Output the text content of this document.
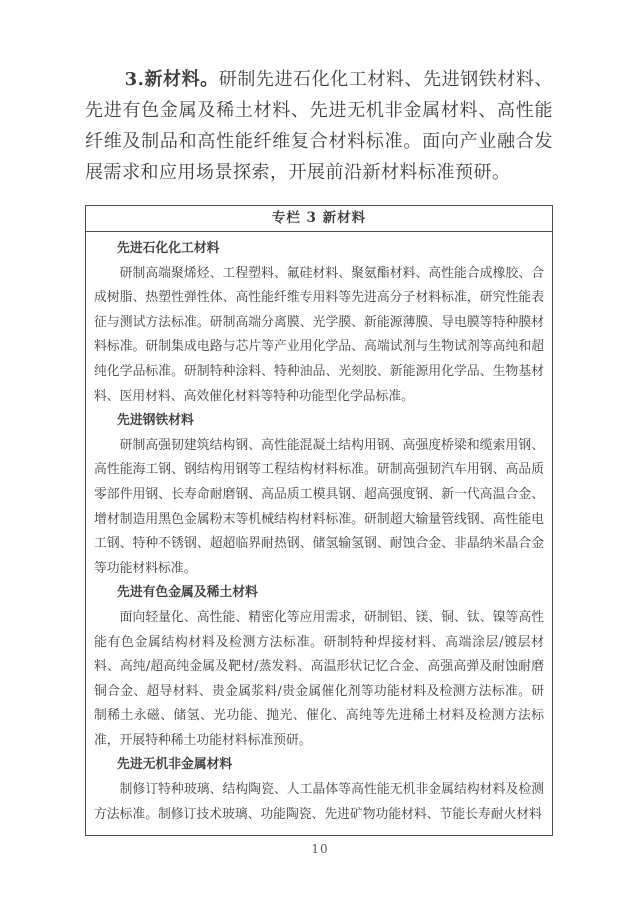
3.新材料。研制先进石化化工材料、先进钢铁材料、先进有色金属及稀土材料、先进无机非金属材料、高性能纤维及制品和高性能纤维复合材料标准。面向产业融合发展需求和应用场景探索，开展前沿新材料标准预研。

专栏 3 新材料
先进石化化工材料
研制高端聚烯烃、工程塑料、氟硅材料、聚氨酯材料、高性能合成橡胶、合成树脂、热塑性弹性体、高性能纤维专用料等先进高分子材料标准，研究性能表征与测试方法标准。研制高端分离膜、光学膜、新能源薄膜、导电膜等特种膜材料标准。研制集成电路与芯片等产业用化学品、高端试剂与生物试剂等高纯和超纯化学品标准。研制特种涂料、特种油品、光刻胶、新能源用化学品、生物基材料、医用材料、高效催化材料等特种功能型化学品标准。
先进钢铁材料
研制高强韧建筑结构钢、高性能混凝土结构用钢、高强度桥梁和缆索用钢、高性能海工钢、钢结构用钢等工程结构材料标准。研制高强韧汽车用钢、高品质零部件用钢、长寿命耐磨钢、高品质工模具钢、超高强度钢、新一代高温合金、增材制造用黑色金属粉末等机械结构材料标准。研制超大输量管线钢、高性能电工钢、特种不锈钢、超超临界耐热钢、储氢输氢钢、耐蚀合金、非晶纳米晶合金等功能材料标准。
先进有色金属及稀土材料
面向轻量化、高性能、精密化等应用需求，研制铝、镁、铜、钛、镍等高性能有色金属结构材料及检测方法标准。研制特种焊接材料、高端涂层/镀层材料、高纯/超高纯金属及靶材/蒸发料、高温形状记忆合金、高强高弹及耐蚀耐磨铜合金、超导材料、贵金属浆料/贵金属催化剂等功能材料及检测方法标准。研制稀土永磁、储氢、光功能、抛光、催化、高纯等先进稀土材料及检测方法标准，开展特种稀土功能材料标准预研。
先进无机非金属材料
制修订特种玻璃、结构陶瓷、人工晶体等高性能无机非金属结构材料及检测方法标准。制修订技术玻璃、功能陶瓷、先进矿物功能材料、节能长寿耐火材料
10
